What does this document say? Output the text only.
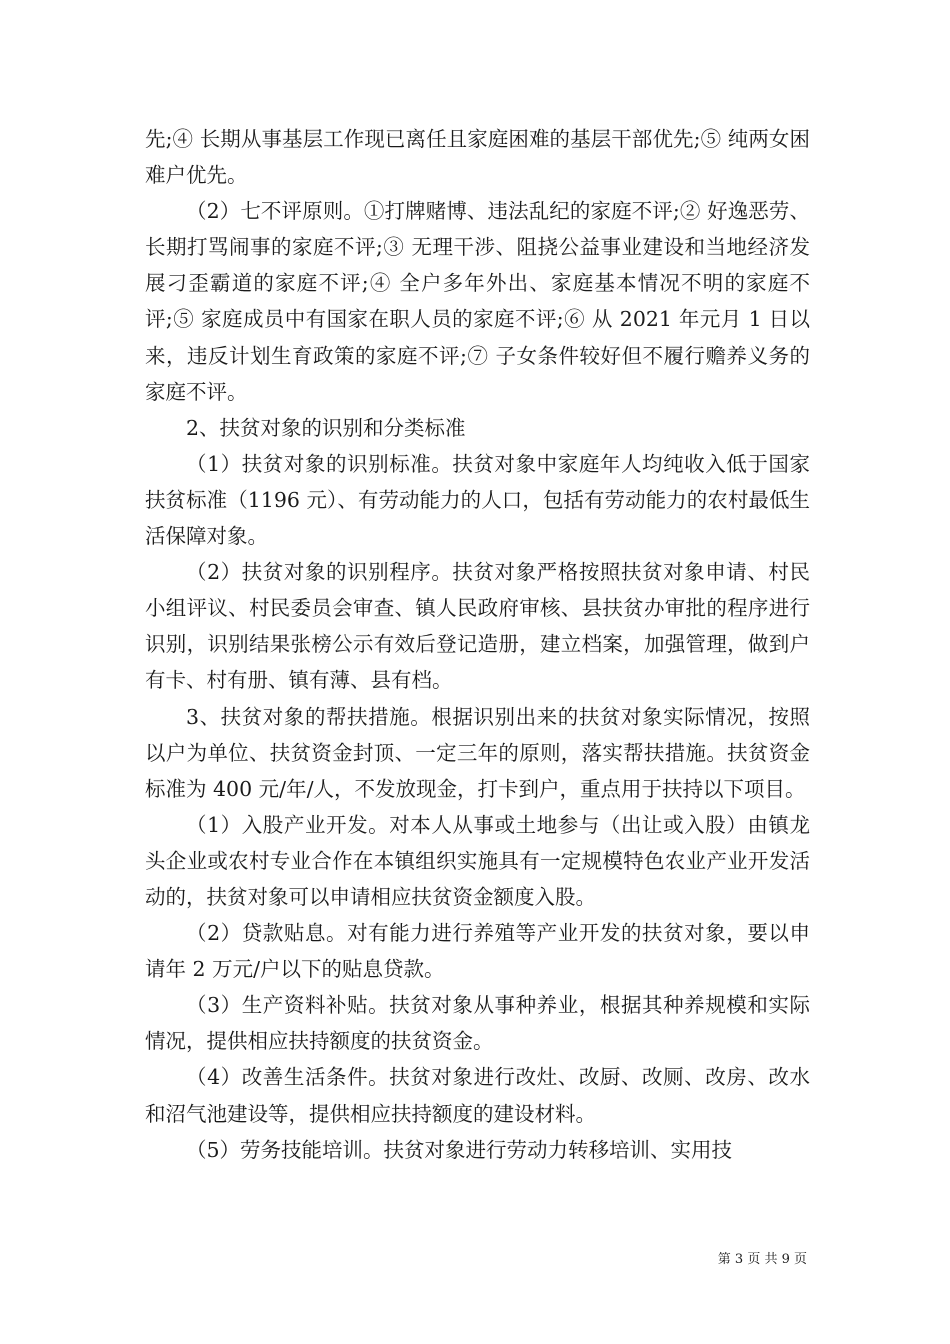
先;④ 长期从事基层工作现已离任且家庭困难的基层干部优先;⑤ 纯两女困难户优先。

（2）七不评原则。①打牌赌博、违法乱纪的家庭不评;② 好逸恶劳、长期打骂闹事的家庭不评;③ 无理干涉、阻挠公益事业建设和当地经济发展刁歪霸道的家庭不评;④ 全户多年外出、家庭基本情况不明的家庭不评;⑤ 家庭成员中有国家在职人员的家庭不评;⑥ 从 2021 年元月 1 日以来，违反计划生育政策的家庭不评;⑦ 子女条件较好但不履行赡养义务的家庭不评。

2、扶贫对象的识别和分类标准

（1）扶贫对象的识别标准。扶贫对象中家庭年人均纯收入低于国家扶贫标准（1196 元）、有劳动能力的人口，包括有劳动能力的农村最低生活保障对象。

（2）扶贫对象的识别程序。扶贫对象严格按照扶贫对象申请、村民小组评议、村民委员会审查、镇人民政府审核、县扶贫办审批的程序进行识别，识别结果张榜公示有效后登记造册，建立档案，加强管理，做到户有卡、村有册、镇有薄、县有档。

3、扶贫对象的帮扶措施。根据识别出来的扶贫对象实际情况，按照以户为单位、扶贫资金封顶、一定三年的原则，落实帮扶措施。扶贫资金标准为 400 元/年/人，不发放现金，打卡到户，重点用于扶持以下项目。

（1）入股产业开发。对本人从事或土地参与（出让或入股）由镇龙头企业或农村专业合作在本镇组织实施具有一定规模特色农业产业开发活动的，扶贫对象可以申请相应扶贫资金额度入股。

（2）贷款贴息。对有能力进行养殖等产业开发的扶贫对象，要以申请年 2 万元/户以下的贴息贷款。

（3）生产资料补贴。扶贫对象从事种养业，根据其种养规模和实际情况，提供相应扶持额度的扶贫资金。

（4）改善生活条件。扶贫对象进行改灶、改厨、改厕、改房、改水和沼气池建设等，提供相应扶持额度的建设材料。

（5）劳务技能培训。扶贫对象进行劳动力转移培训、实用技

第 3 页 共 9 页
